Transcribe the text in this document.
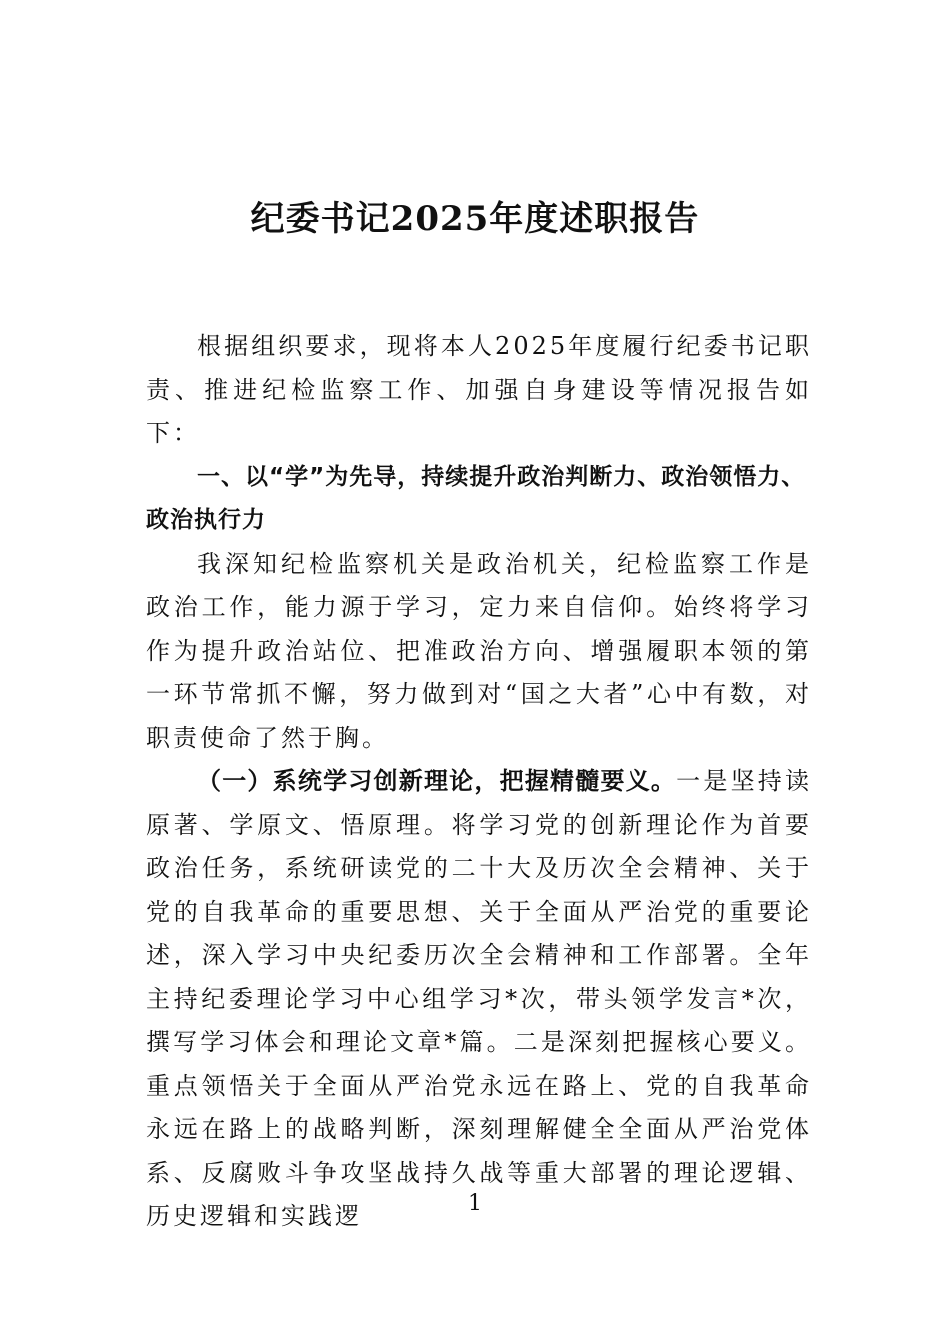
纪委书记2025年度述职报告

根据组织要求，现将本人2025年度履行纪委书记职责、推进纪检监察工作、加强自身建设等情况报告如下：

一、以“学”为先导，持续提升政治判断力、政治领悟力、政治执行力

我深知纪检监察机关是政治机关，纪检监察工作是政治工作，能力源于学习，定力来自信仰。始终将学习作为提升政治站位、把准政治方向、增强履职本领的第一环节常抓不懈，努力做到对“国之大者”心中有数，对职责使命了然于胸。

（一）系统学习创新理论，把握精髓要义。一是坚持读原著、学原文、悟原理。将学习党的创新理论作为首要政治任务，系统研读党的二十大及历次全会精神、关于党的自我革命的重要思想、关于全面从严治党的重要论述，深入学习中央纪委历次全会精神和工作部署。全年主持纪委理论学习中心组学习*次，带头领学发言*次，撰写学习体会和理论文章*篇。二是深刻把握核心要义。重点领悟关于全面从严治党永远在路上、党的自我革命永远在路上的战略判断，深刻理解健全全面从严治党体系、反腐败斗争攻坚战持久战等重大部署的理论逻辑、历史逻辑和实践逻	1
